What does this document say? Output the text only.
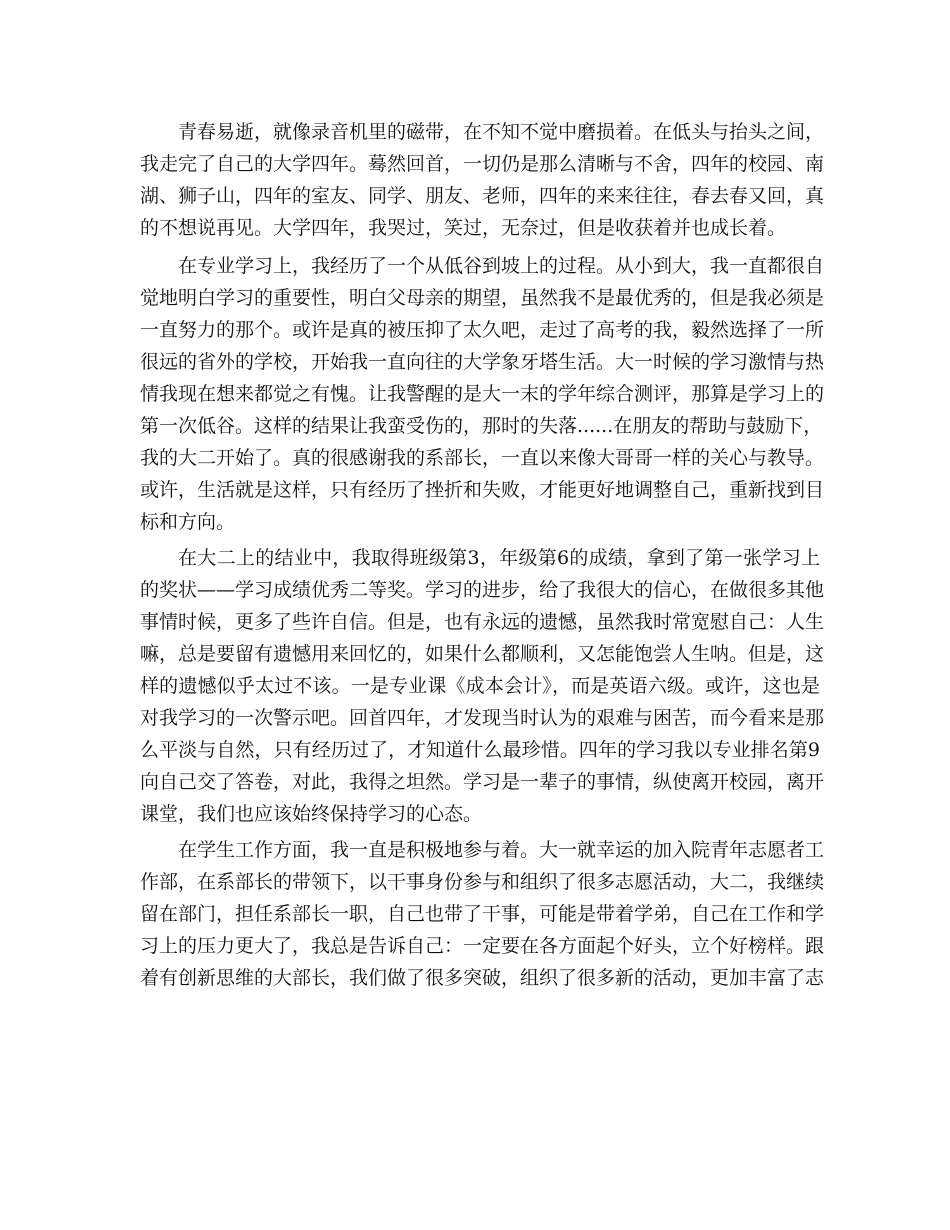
青春易逝，就像录音机里的磁带，在不知不觉中磨损着。在低头与抬头之间，
我走完了自己的大学四年。蓦然回首，一切仍是那么清晰与不舍，四年的校园、南
湖、狮子山，四年的室友、同学、朋友、老师，四年的来来往往，春去春又回，真
的不想说再见。大学四年，我哭过，笑过，无奈过，但是收获着并也成长着。
在专业学习上，我经历了一个从低谷到坡上的过程。从小到大，我一直都很自
觉地明白学习的重要性，明白父母亲的期望，虽然我不是最优秀的，但是我必须是
一直努力的那个。或许是真的被压抑了太久吧，走过了高考的我，毅然选择了一所
很远的省外的学校，开始我一直向往的大学象牙塔生活。大一时候的学习激情与热
情我现在想来都觉之有愧。让我警醒的是大一末的学年综合测评，那算是学习上的
第一次低谷。这样的结果让我蛮受伤的，那时的失落......在朋友的帮助与鼓励下，
我的大二开始了。真的很感谢我的系部长，一直以来像大哥哥一样的关心与教导。
或许，生活就是这样，只有经历了挫折和失败，才能更好地调整自己，重新找到目
标和方向。
在大二上的结业中，我取得班级第3，年级第6的成绩，拿到了第一张学习上
的奖状——学习成绩优秀二等奖。学习的进步，给了我很大的信心，在做很多其他
事情时候，更多了些许自信。但是，也有永远的遗憾，虽然我时常宽慰自己：人生
嘛，总是要留有遗憾用来回忆的，如果什么都顺利，又怎能饱尝人生呐。但是，这
样的遗憾似乎太过不该。一是专业课《成本会计》，而是英语六级。或许，这也是
对我学习的一次警示吧。回首四年，才发现当时认为的艰难与困苦，而今看来是那
么平淡与自然，只有经历过了，才知道什么最珍惜。四年的学习我以专业排名第9
向自己交了答卷，对此，我得之坦然。学习是一辈子的事情，纵使离开校园，离开
课堂，我们也应该始终保持学习的心态。
在学生工作方面，我一直是积极地参与着。大一就幸运的加入院青年志愿者工
作部，在系部长的带领下，以干事身份参与和组织了很多志愿活动，大二，我继续
留在部门，担任系部长一职，自己也带了干事，可能是带着学弟，自己在工作和学
习上的压力更大了，我总是告诉自己：一定要在各方面起个好头，立个好榜样。跟
着有创新思维的大部长，我们做了很多突破，组织了很多新的活动，更加丰富了志
